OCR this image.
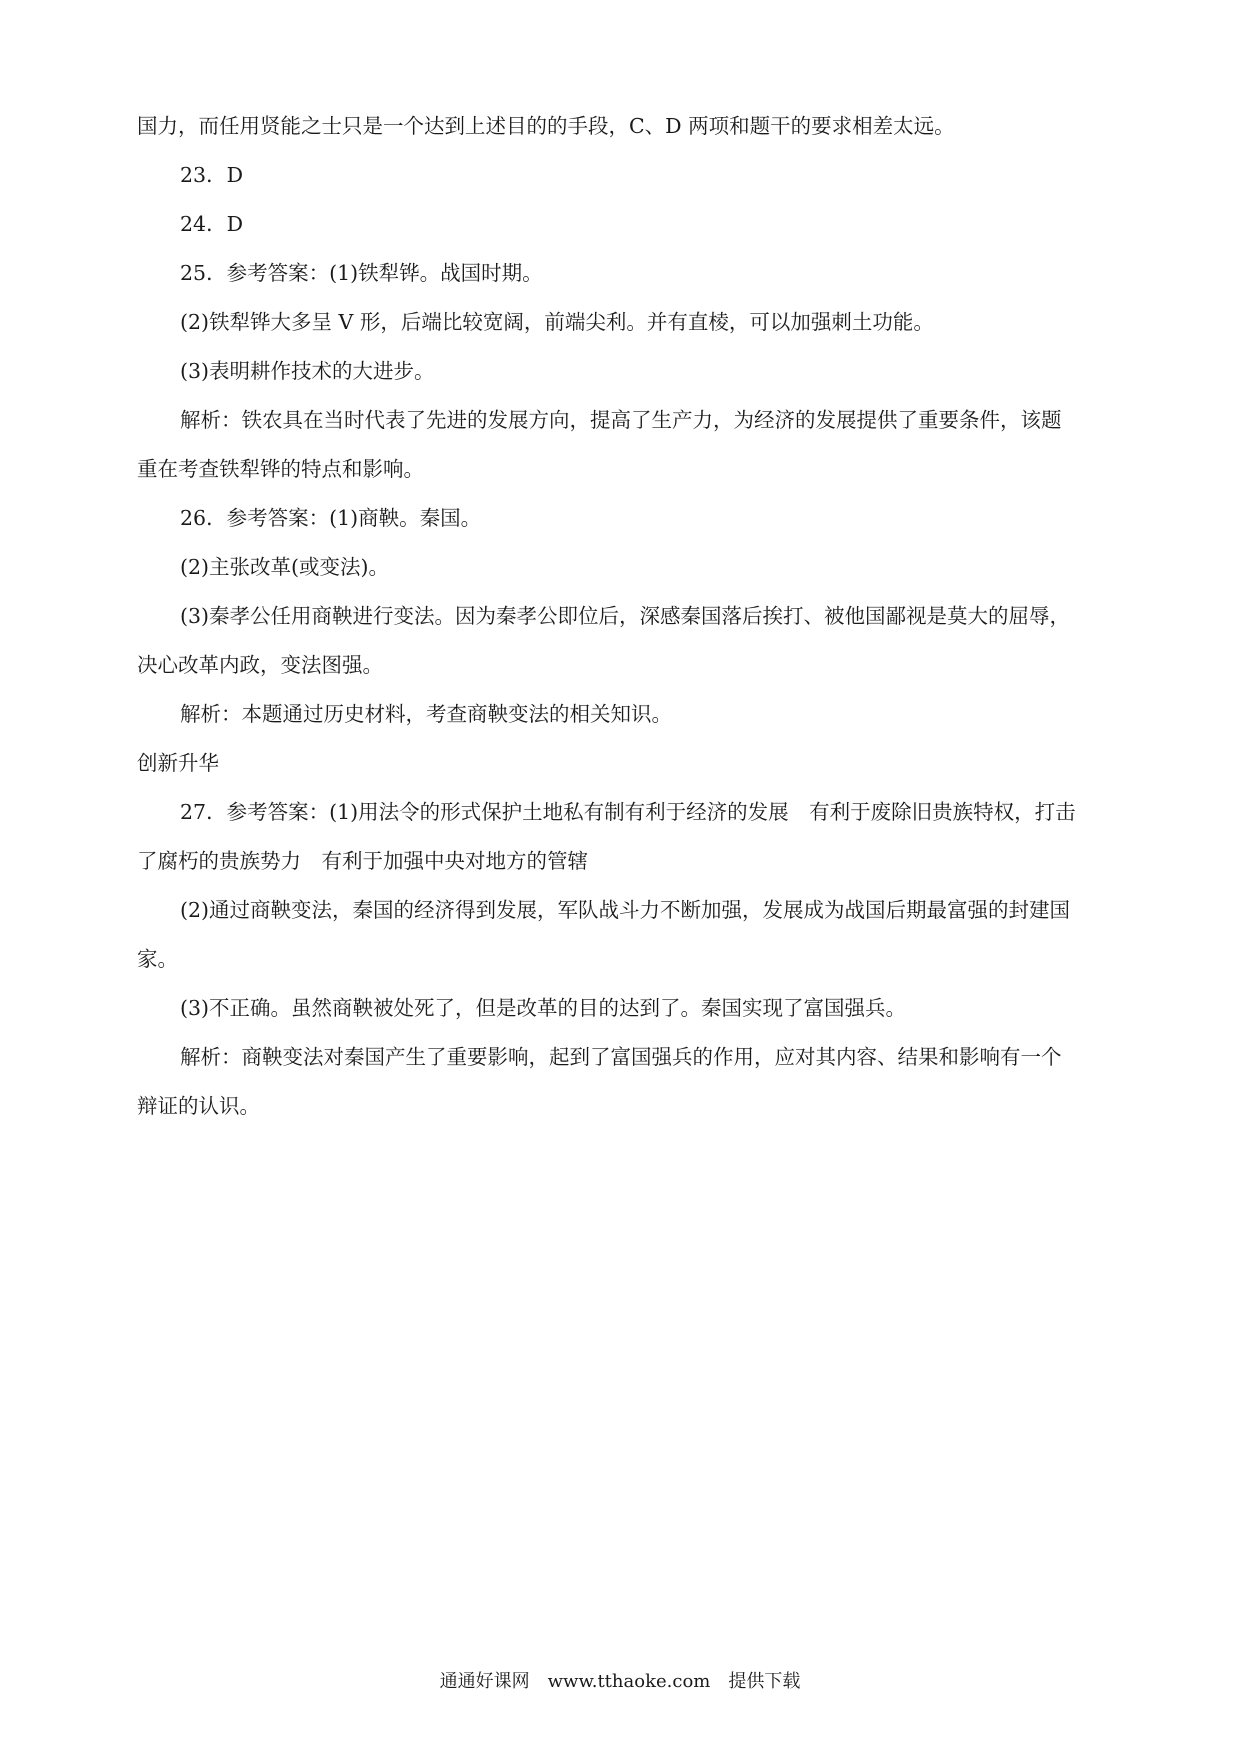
国力，而任用贤能之士只是一个达到上述目的的手段，C、D 两项和题干的要求相差太远。
23．D
24．D
25．参考答案：(1)铁犁铧。战国时期。
(2)铁犁铧大多呈 V 形，后端比较宽阔，前端尖利。并有直棱，可以加强刺土功能。
(3)表明耕作技术的大进步。
解析：铁农具在当时代表了先进的发展方向，提高了生产力，为经济的发展提供了重要条件，该题
重在考查铁犁铧的特点和影响。
26．参考答案：(1)商鞅。秦国。
(2)主张改革(或变法)。
(3)秦孝公任用商鞅进行变法。因为秦孝公即位后，深感秦国落后挨打、被他国鄙视是莫大的屈辱，
决心改革内政，变法图强。
解析：本题通过历史材料，考查商鞅变法的相关知识。
创新升华
27．参考答案：(1)用法令的形式保护土地私有制有利于经济的发展　有利于废除旧贵族特权，打击
了腐朽的贵族势力　有利于加强中央对地方的管辖
(2)通过商鞅变法，秦国的经济得到发展，军队战斗力不断加强，发展成为战国后期最富强的封建国
家。
(3)不正确。虽然商鞅被处死了，但是改革的目的达到了。秦国实现了富国强兵。
解析：商鞅变法对秦国产生了重要影响，起到了富国强兵的作用，应对其内容、结果和影响有一个
辩证的认识。
通通好课网　www.tthaoke.com　提供下载
